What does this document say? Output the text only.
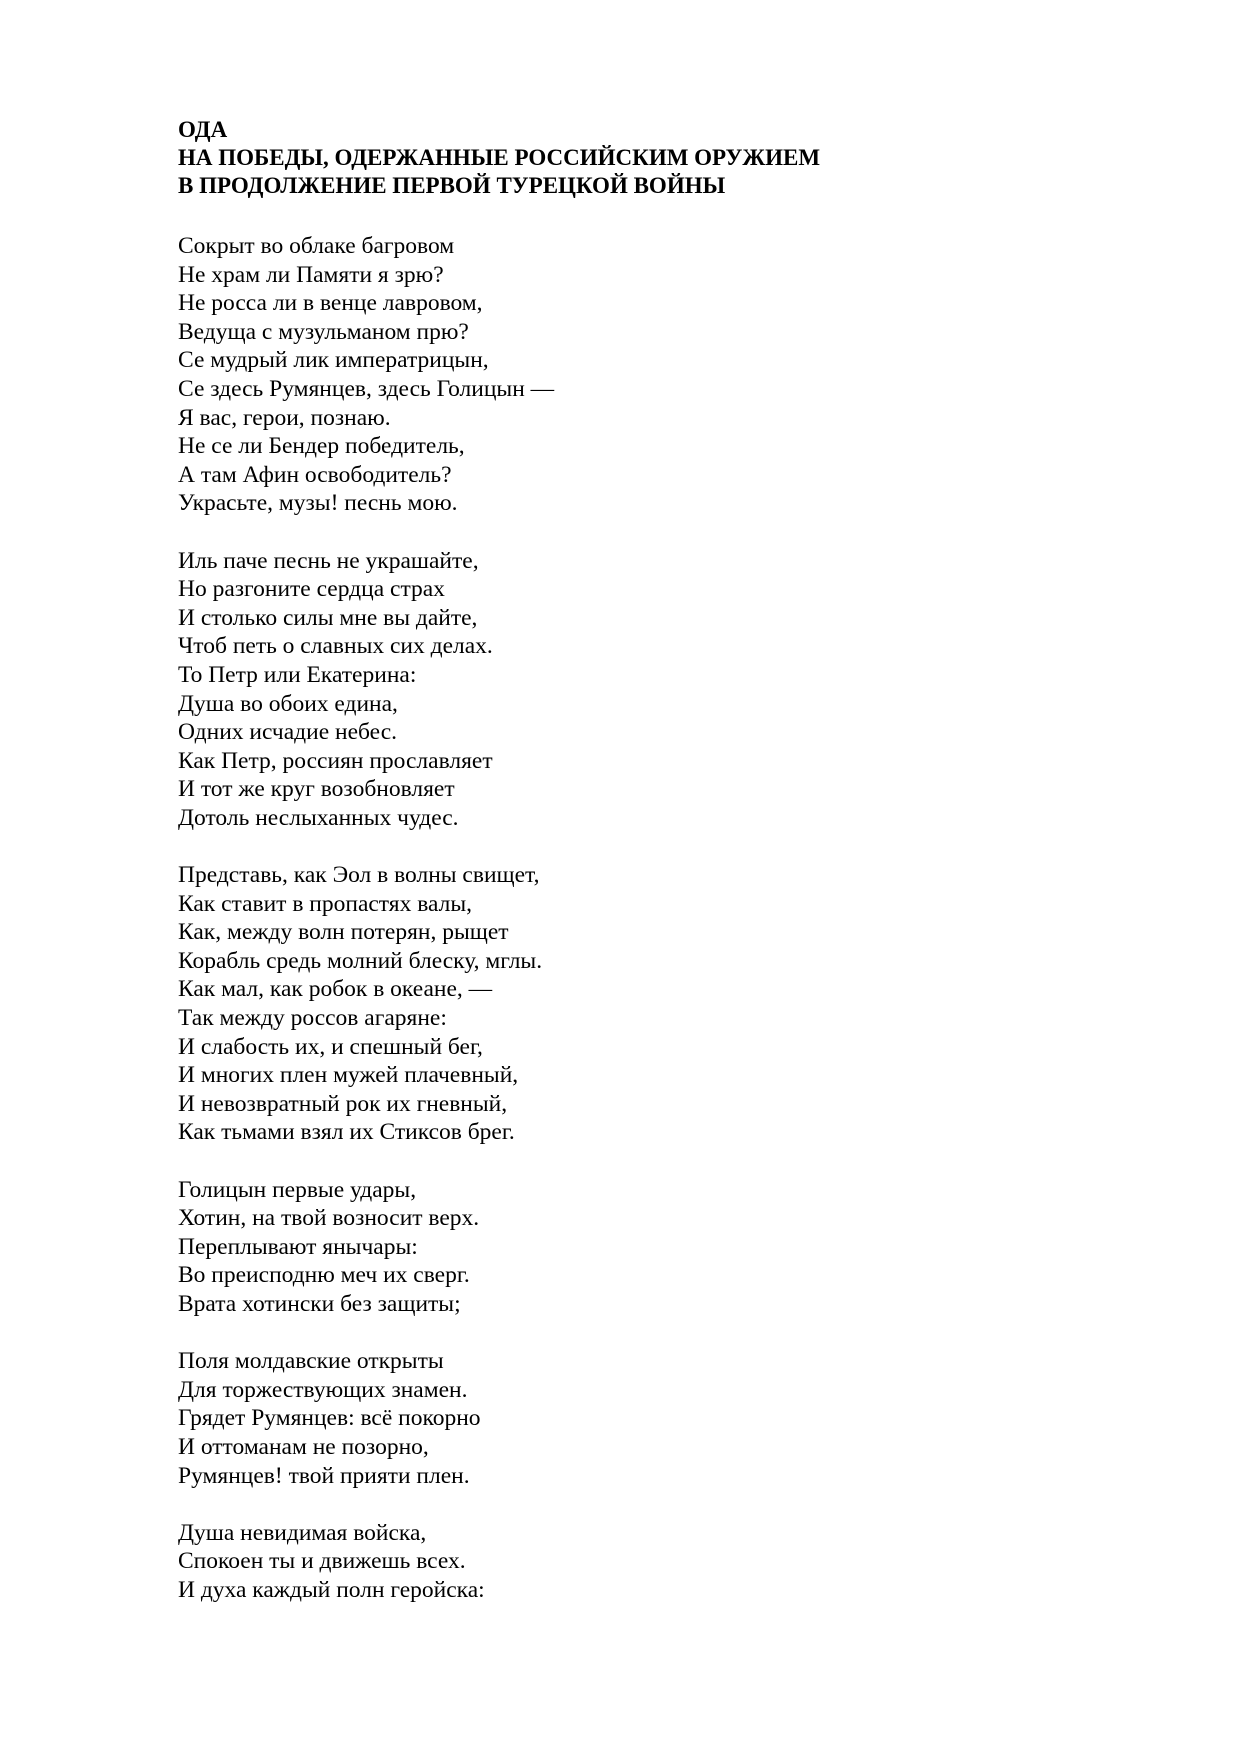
ОДА
НА ПОБЕДЫ, ОДЕРЖАННЫЕ РОССИЙСКИМ ОРУЖИЕМ
В ПРОДОЛЖЕНИЕ ПЕРВОЙ ТУРЕЦКОЙ ВОЙНЫ
Сокрыт во облаке багровом
Не храм ли Памяти я зрю?
Не росса ли в венце лавровом,
Ведуща с музульманом прю?
Се мудрый лик императрицын,
Се здесь Румянцев, здесь Голицын —
Я вас, герои, познаю.
Не се ли Бендер победитель,
А там Афин освободитель?
Украсьте, музы! песнь мою.
Иль паче песнь не украшайте,
Но разгоните сердца страх
И столько силы мне вы дайте,
Чтоб петь о славных сих делах.
То Петр или Екатерина:
Душа во обоих едина,
Одних исчадие небес.
Как Петр, россиян прославляет
И тот же круг возобновляет
Дотоль неслыханных чудес.
Представь, как Эол в волны свищет,
Как ставит в пропастях валы,
Как, между волн потерян, рыщет
Корабль средь молний блеску, мглы.
Как мал, как робок в океане, —
Так между россов агаряне:
И слабость их, и спешный бег,
И многих плен мужей плачевный,
И невозвратный рок их гневный,
Как тьмами взял их Стиксов брег.
Голицын первые удары,
Хотин, на твой возносит верх.
Переплывают янычары:
Во преисподню меч их сверг.
Врата хотински без защиты;
Поля молдавские открыты
Для торжествующих знамен.
Грядет Румянцев: всё покорно
И оттоманам не позорно,
Румянцев! твой прияти плен.
Душа невидимая войска,
Спокоен ты и движешь всех.
И духа каждый полн геройска:
